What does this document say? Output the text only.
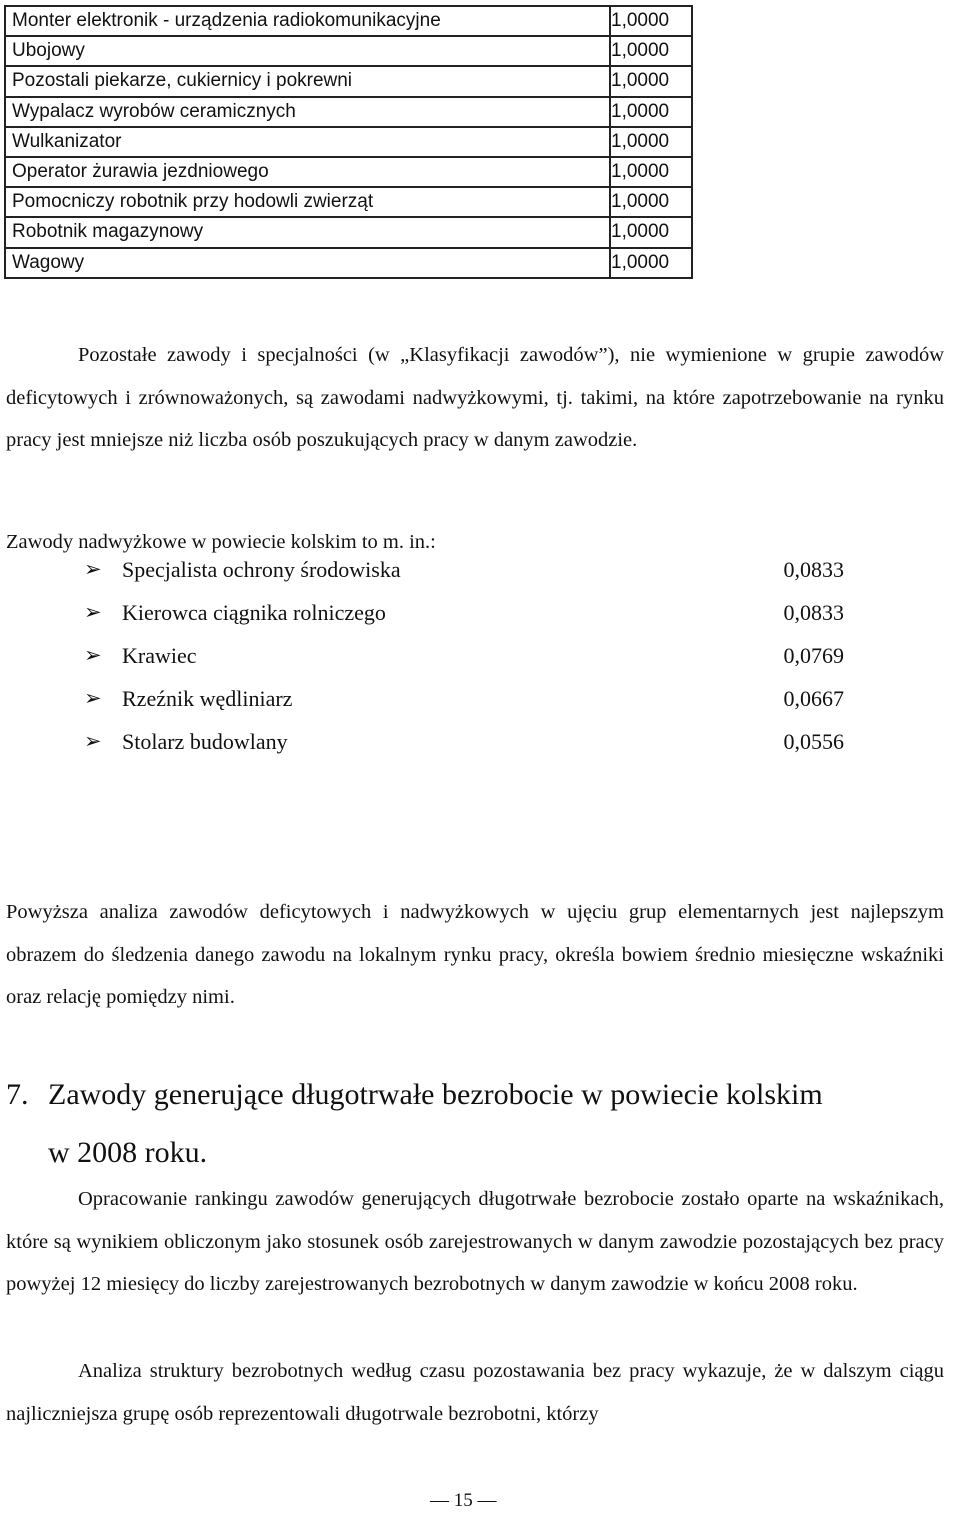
Monter elektronik - urządzenia radiokomunikacyjne	1,0000
Ubojowy	1,0000
Pozostali piekarze, cukiernicy i pokrewni	1,0000
Wypalacz wyrobów ceramicznych	1,0000
Wulkanizator	1,0000
Operator żurawia jezdniowego	1,0000
Pomocniczy robotnik przy hodowli zwierząt	1,0000
Robotnik magazynowy	1,0000
Wagowy	1,0000

Pozostałe zawody i specjalności (w „Klasyfikacji zawodów”), nie wymienione w grupie zawodów deficytowych i zrównoważonych, są zawodami nadwyżkowymi, tj. takimi, na które zapotrzebowanie na rynku pracy jest mniejsze niż liczba osób poszukujących pracy w danym zawodzie.

Zawody nadwyżkowe w powiecie kolskim to m. in.:

➢ Specjalista ochrony środowiska	0,0833
➢ Kierowca ciągnika rolniczego	0,0833
➢ Krawiec	0,0769
➢ Rzeźnik wędliniarz	0,0667
➢ Stolarz budowlany	0,0556

Powyższa analiza zawodów deficytowych i nadwyżkowych w ujęciu grup elementarnych jest najlepszym obrazem do śledzenia danego zawodu na lokalnym rynku pracy, określa bowiem średnio miesięczne wskaźniki oraz relację pomiędzy nimi.

7. Zawody generujące długotrwałe bezrobocie w powiecie kolskim
w 2008 roku.

Opracowanie rankingu zawodów generujących długotrwałe bezrobocie zostało oparte na wskaźnikach, które są wynikiem obliczonym jako stosunek osób zarejestrowanych w danym zawodzie pozostających bez pracy powyżej 12 miesięcy do liczby zarejestrowanych bezrobotnych w danym zawodzie w końcu 2008 roku.

Analiza struktury bezrobotnych według czasu pozostawania bez pracy wykazuje, że w dalszym ciągu najliczniejsza grupę osób reprezentowali długotrwale bezrobotni, którzy

— 15 —
